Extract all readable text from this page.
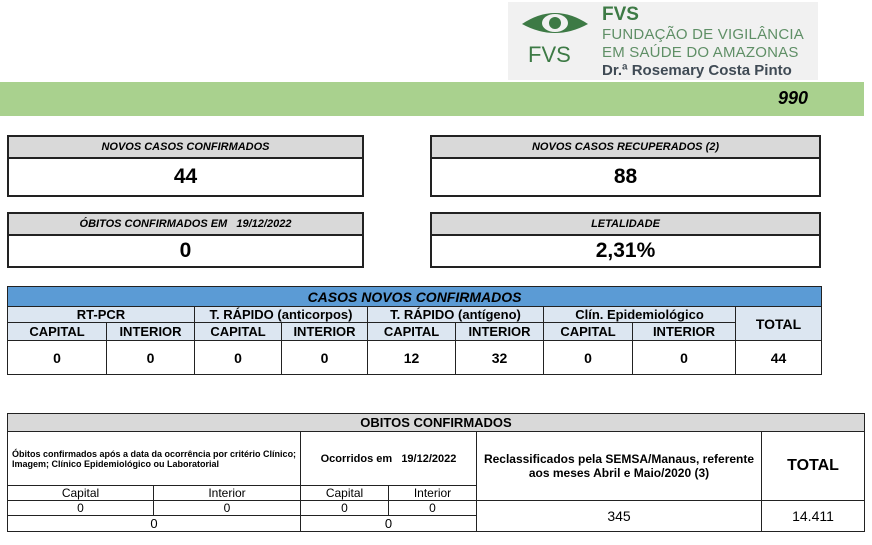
FVS
FVS
FUNDAÇÃO DE VIGILÂNCIA
EM SAÚDE DO AMAZONAS
Dr.ª Rosemary Costa Pinto
990
NOVOS CASOS CONFIRMADOS
44
NOVOS CASOS RECUPERADOS (2)
88
ÓBITOS CONFIRMADOS EM   19/12/2022
0
LETALIDADE
2,31%
CASOS NOVOS CONFIRMADOS								
RT-PCR		T. RÁPIDO (anticorpos)		T. RÁPIDO (antígeno)		Clín. Epidemiológico		TOTAL
CAPITAL	INTERIOR	CAPITAL	INTERIOR	CAPITAL	INTERIOR	CAPITAL	INTERIOR	
0	0	0	0	12	32	0	0	44
OBITOS CONFIRMADOS					
Óbitos confirmados após a data da ocorrência por critério Clínico; Imagem; Clínico Epidemiológico ou Laboratorial		Ocorridos em   19/12/2022		Reclassificados pela SEMSA/Manaus, referente aos meses Abril e Maio/2020 (3)	TOTAL
Capital	Interior	Capital	Interior		
0	0	0	0	345	14.411
0		0			
